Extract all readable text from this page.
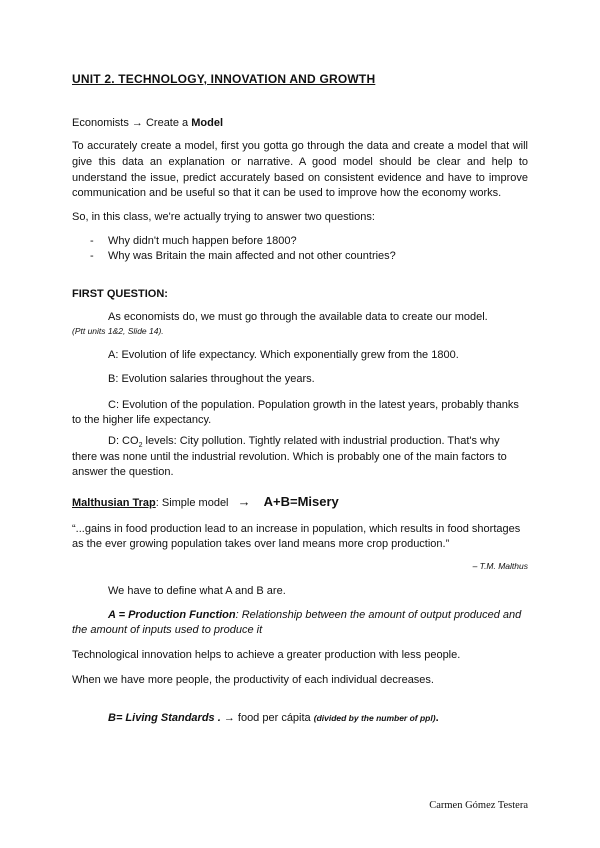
UNIT 2. TECHNOLOGY, INNOVATION AND GROWTH
Economists → Create a Model
To accurately create a model, first you gotta go through the data and create a model that will give this data an explanation or narrative. A good model should be clear and help to understand the issue, predict accurately based on consistent evidence and have to improve communication and be useful so that it can be used to improve how the economy works.
So, in this class, we're actually trying to answer two questions:
- Why didn't much happen before 1800?
- Why was Britain the main affected and not other countries?
FIRST QUESTION:
As economists do, we must go through the available data to create our model.
(Ptt units 1&2, Slide 14).
A: Evolution of life expectancy. Which exponentially grew from the 1800.
B: Evolution salaries throughout the years.
C: Evolution of the population. Population growth in the latest years, probably thanks
to the higher life expectancy.
D: $CO_2$ levels: City pollution. Tightly related with industrial production. That's why
there was none until the industrial revolution. Which is probably one of the main factors to
answer the question.
Malthusian Trap: Simple model → A+B=Misery
“...gains in food production lead to an increase in population, which results in food shortages
as the ever growing population takes over land means more crop production.”
– T.M. Malthus
We have to define what A and B are.
A = Production Function: Relationship between the amount of output produced and
the amount of inputs used to produce it
Technological innovation helps to achieve a greater production with less people.
When we have more people, the productivity of each individual decreases.
B= Living Standards . → food per cápita (divided by the number of ppl).
Carmen Gómez Testera
